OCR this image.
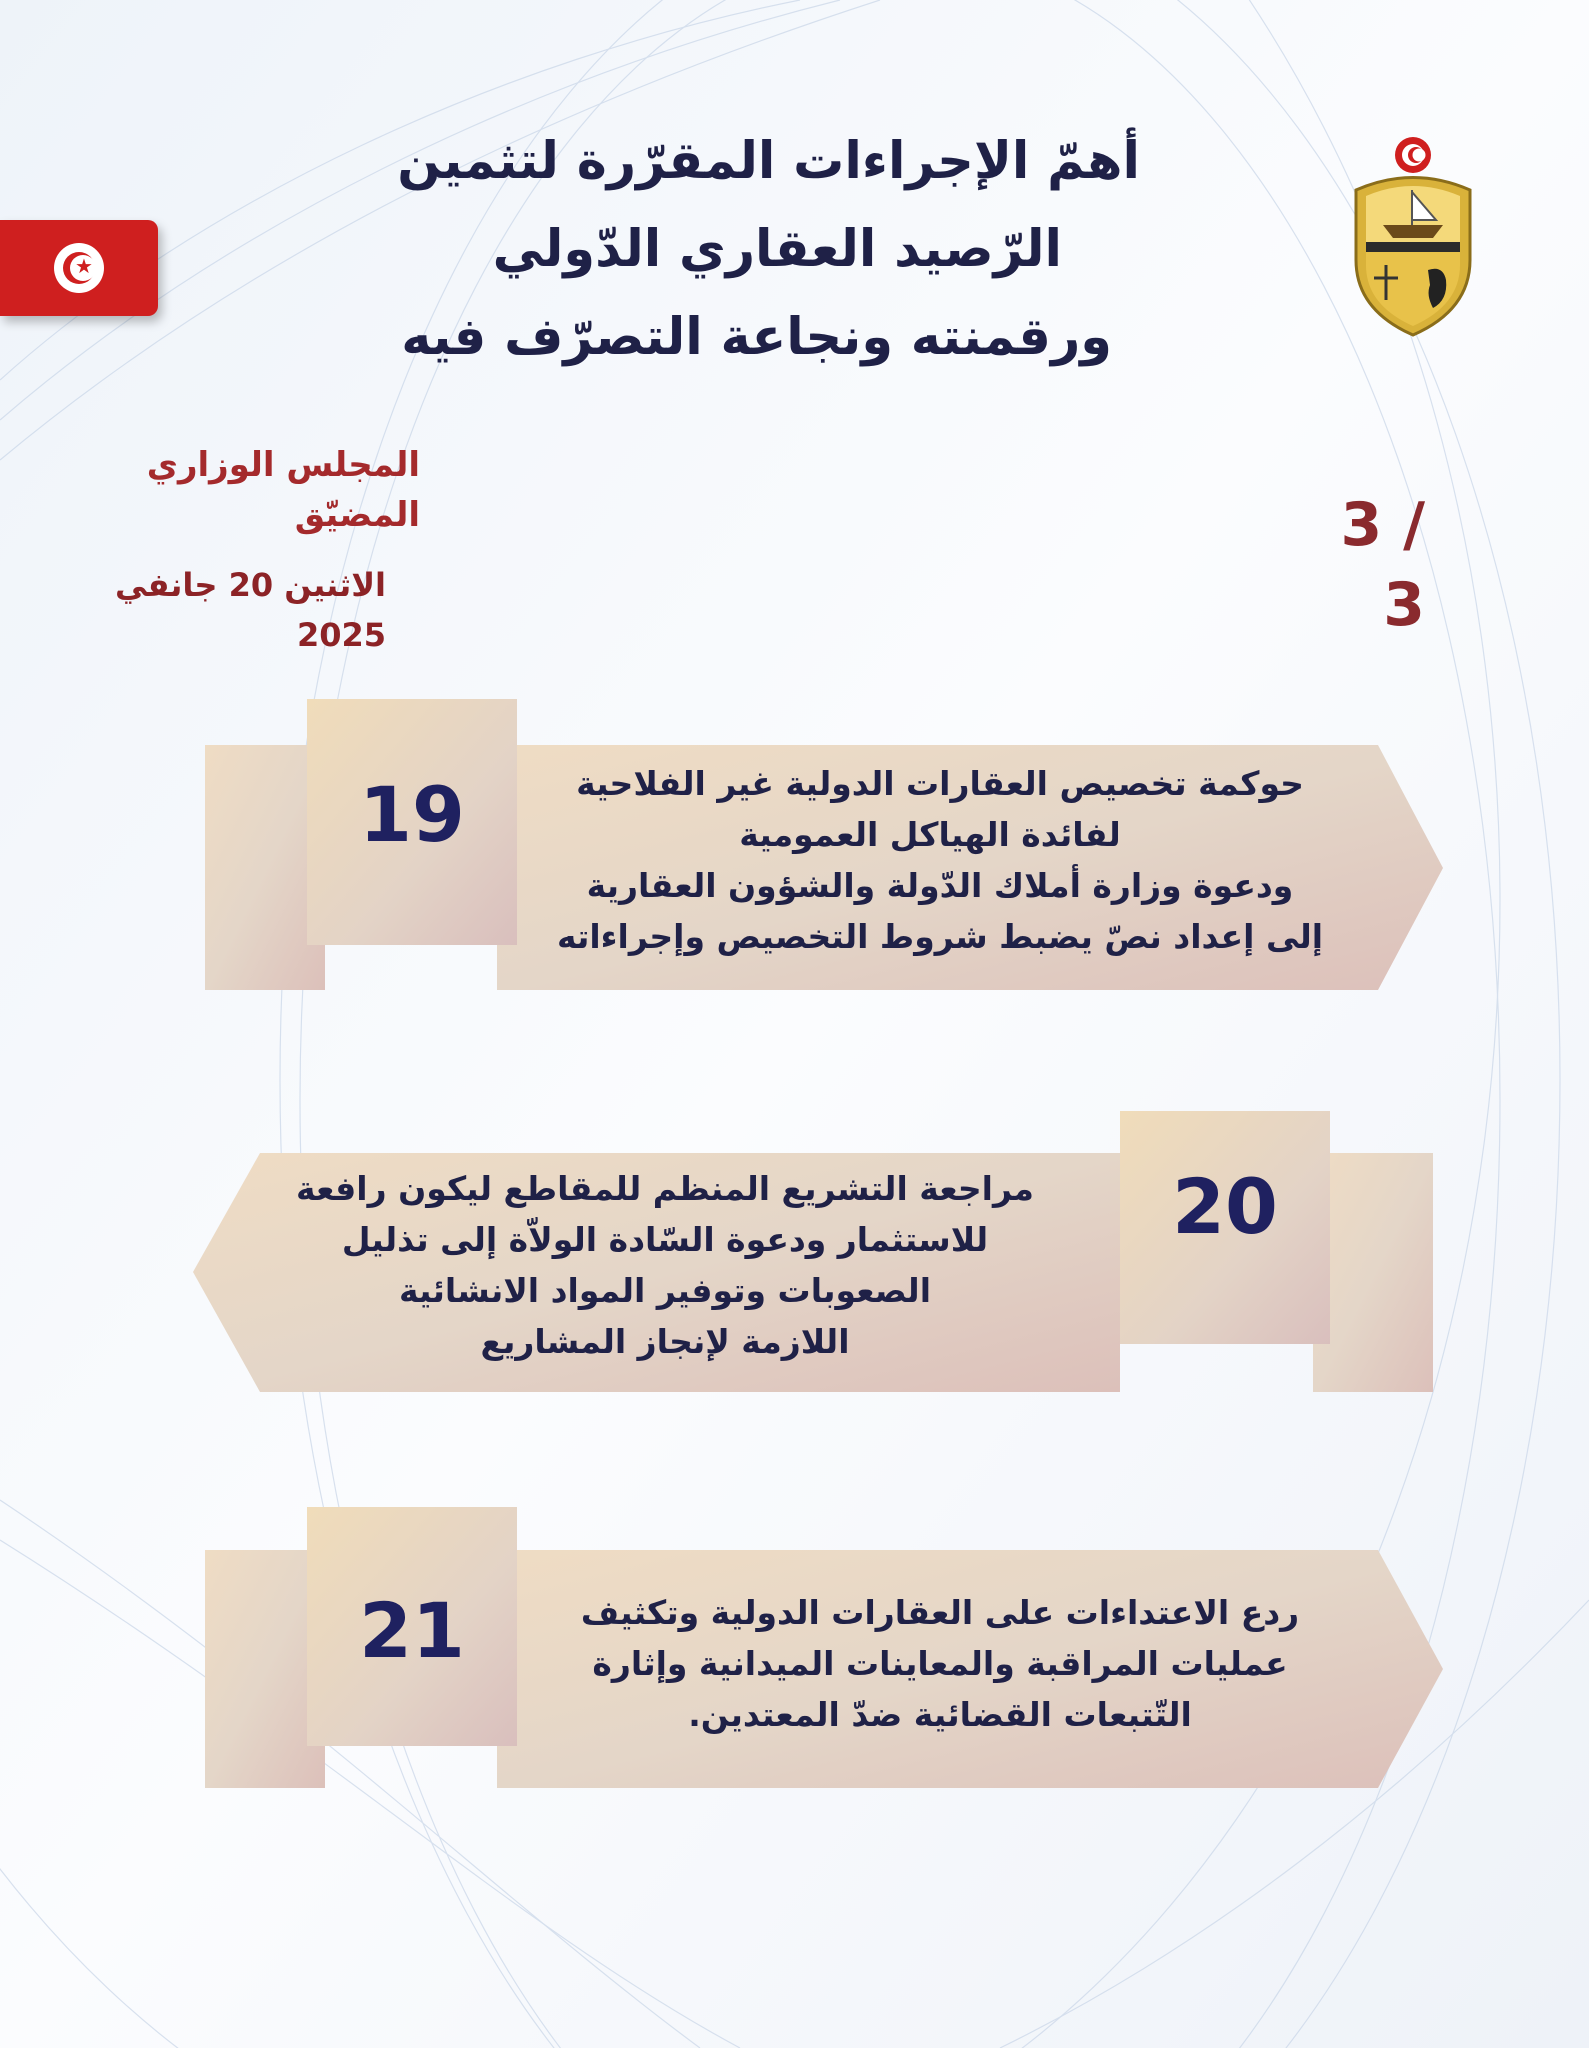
★
أهمّ الإجراءات المقرّرة لتثمين
الرّصيد العقاري الدّولي
ورقمنته ونجاعة التصرّف فيه
المجلس الوزاري المضيّق
الاثنين 20 جانفي 2025
3 / 3
19	حوكمة تخصيص العقارات الدولية غير الفلاحية
لفائدة الهياكل العمومية
ودعوة وزارة أملاك الدّولة والشؤون العقارية
إلى إعداد نصّ يضبط شروط التخصيص وإجراءاته
20
مراجعة التشريع المنظم للمقاطع ليكون رافعة
للاستثمار ودعوة السّادة الولاّة إلى تذليل
الصعوبات وتوفير المواد الانشائية
اللازمة لإنجاز المشاريع
21	ردع الاعتداءات على العقارات الدولية وتكثيف
عمليات المراقبة والمعاينات الميدانية وإثارة
التّتبعات القضائية ضدّ المعتدين.
